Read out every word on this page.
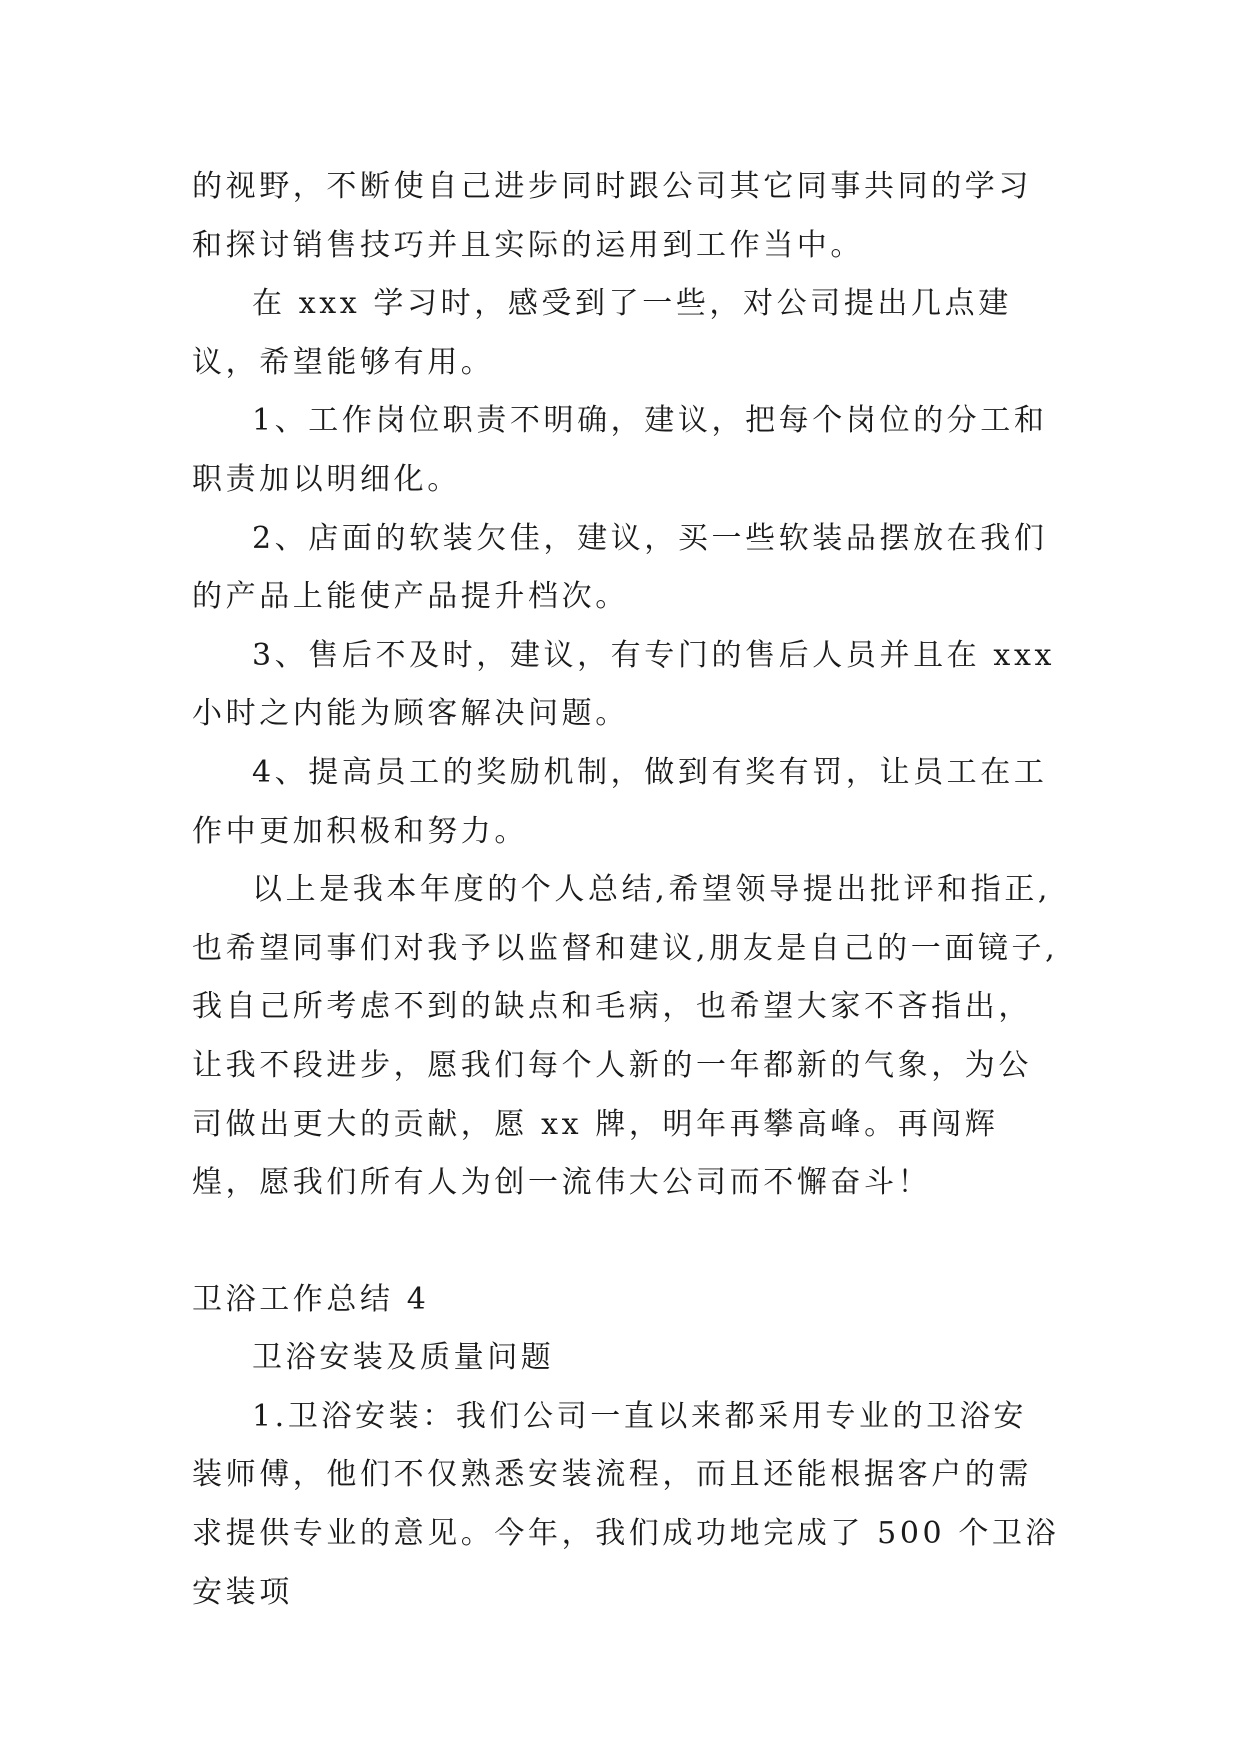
的视野，不断使自己进步同时跟公司其它同事共同的学习和探讨销售技巧并且实际的运用到工作当中。

在 xxx 学习时，感受到了一些，对公司提出几点建议，希望能够有用。

1、工作岗位职责不明确，建议，把每个岗位的分工和职责加以明细化。

2、店面的软装欠佳，建议，买一些软装品摆放在我们的产品上能使产品提升档次。

3、售后不及时，建议，有专门的售后人员并且在 xxx 小时之内能为顾客解决问题。

4、提高员工的奖励机制，做到有奖有罚，让员工在工作中更加积极和努力。

以上是我本年度的个人总结,希望领导提出批评和指正,也希望同事们对我予以监督和建议,朋友是自己的一面镜子,我自己所考虑不到的缺点和毛病，也希望大家不吝指出，让我不段进步，愿我们每个人新的一年都新的气象，为公司做出更大的贡献，愿 xx 牌，明年再攀高峰。再闯辉煌，愿我们所有人为创一流伟大公司而不懈奋斗！

卫浴工作总结 4

卫浴安装及质量问题

1.卫浴安装：我们公司一直以来都采用专业的卫浴安装师傅，他们不仅熟悉安装流程，而且还能根据客户的需求提供专业的意见。今年，我们成功地完成了 500 个卫浴安装项
